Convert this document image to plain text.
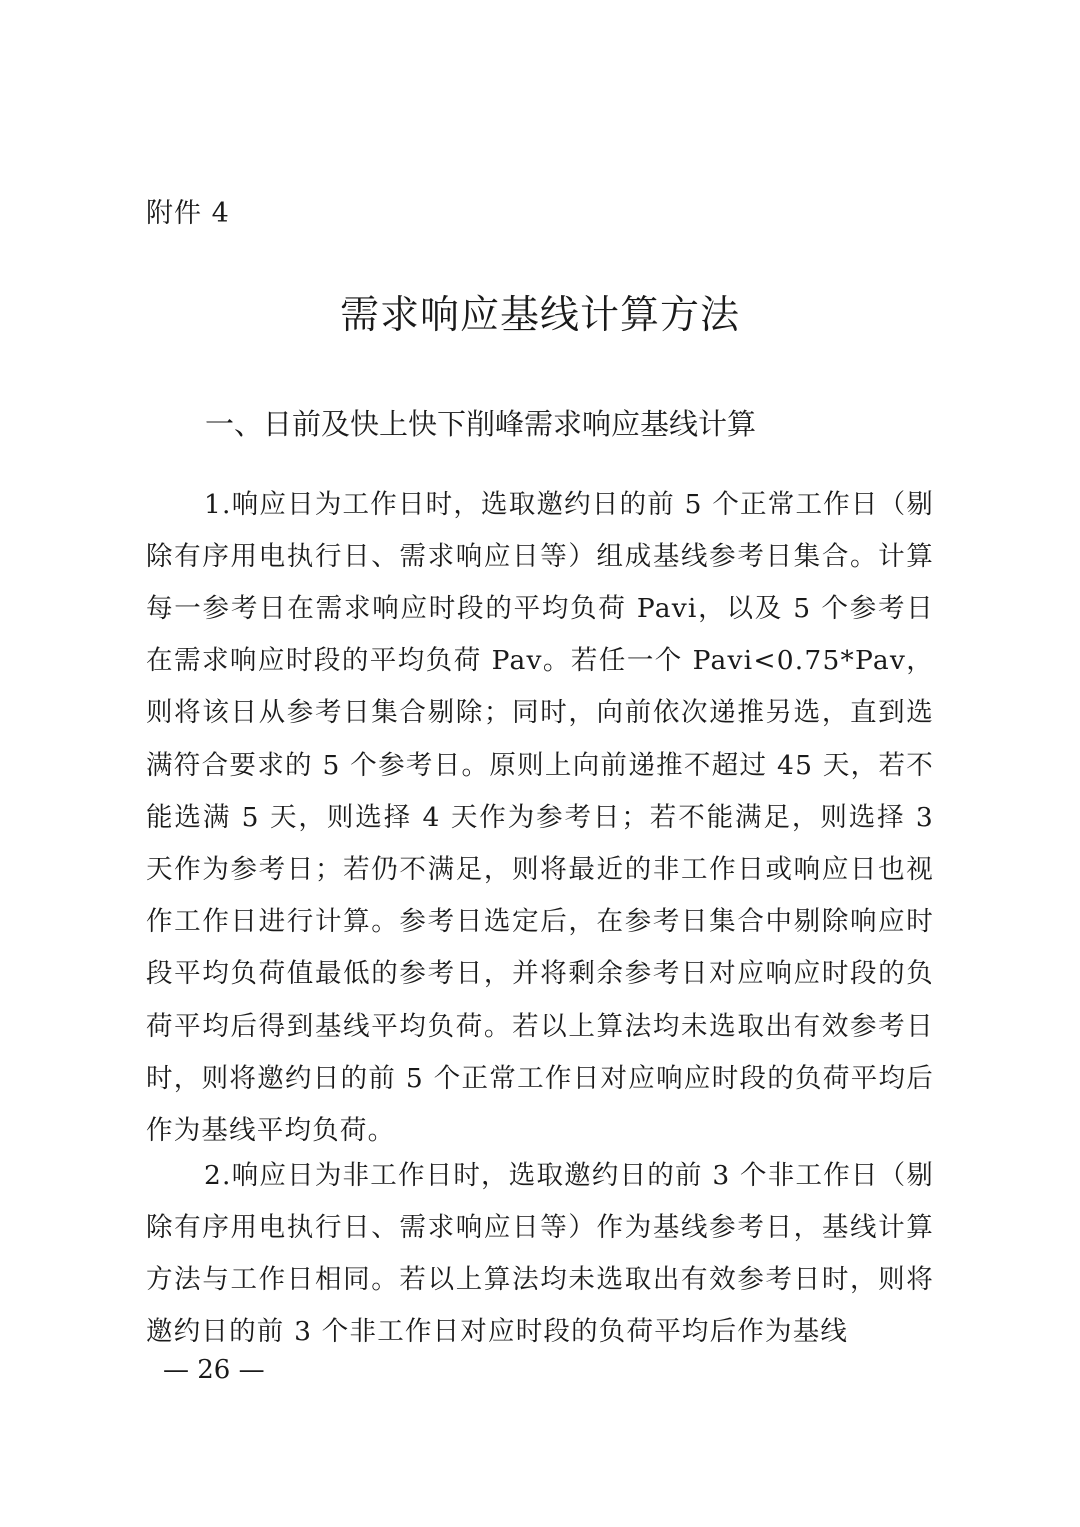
附件 4
需求响应基线计算方法
一、日前及快上快下削峰需求响应基线计算

1.响应日为工作日时，选取邀约日的前 5 个正常工作日（剔除有序用电执行日、需求响应日等）组成基线参考日集合。计算每一参考日在需求响应时段的平均负荷 Pavi，以及 5 个参考日在需求响应时段的平均负荷 Pav。若任一个 Pavi<0.75*Pav，则将该日从参考日集合剔除；同时，向前依次递推另选，直到选满符合要求的 5 个参考日。原则上向前递推不超过 45 天，若不能选满 5 天，则选择 4 天作为参考日；若不能满足，则选择 3 天作为参考日；若仍不满足，则将最近的非工作日或响应日也视作工作日进行计算。参考日选定后，在参考日集合中剔除响应时段平均负荷值最低的参考日，并将剩余参考日对应响应时段的负荷平均后得到基线平均负荷。若以上算法均未选取出有效参考日时，则将邀约日的前 5 个正常工作日对应响应时段的负荷平均后作为基线平均负荷。

2.响应日为非工作日时，选取邀约日的前 3 个非工作日（剔除有序用电执行日、需求响应日等）作为基线参考日，基线计算方法与工作日相同。若以上算法均未选取出有效参考日时，则将邀约日的前 3 个非工作日对应时段的负荷平均后作为基线

— 26 —
